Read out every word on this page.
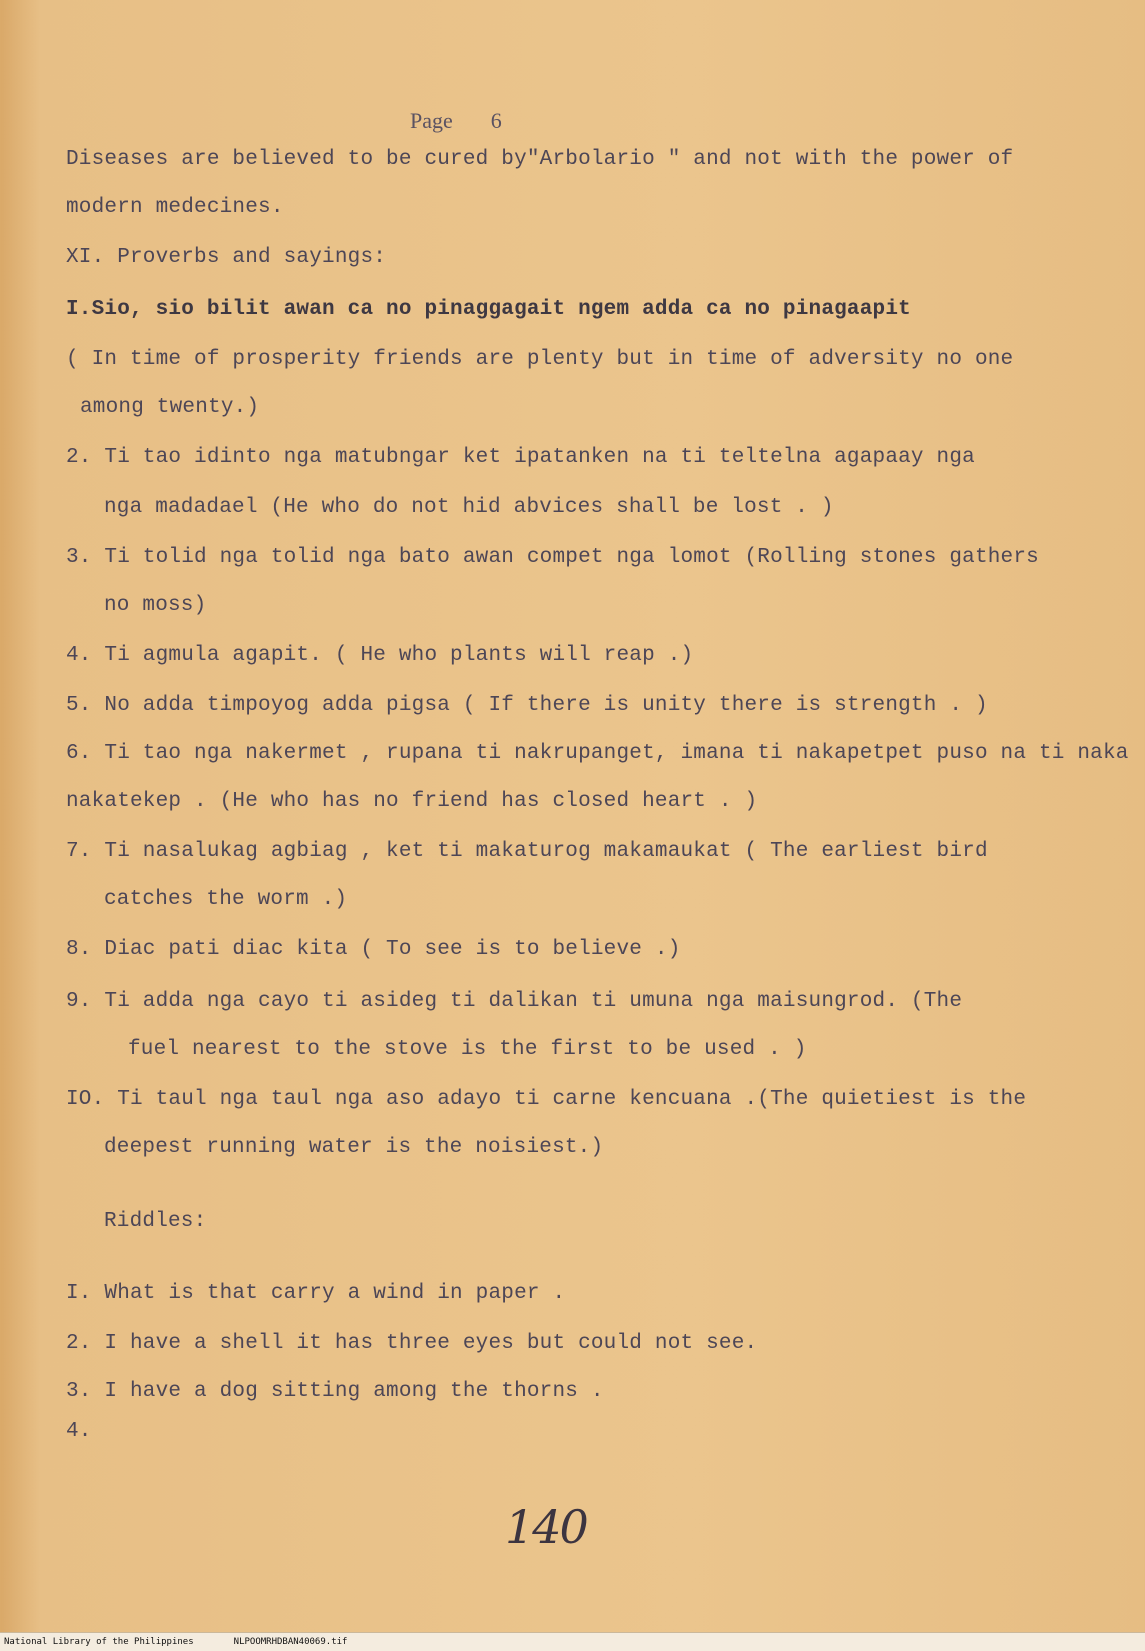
Page 6
Diseases are believed to be cured by"Arbolario " and not with the power of
modern medecines.
XI. Proverbs and sayings:
I.Sio, sio bilit awan ca no pinaggagait ngem adda ca no pinagaapit
( In time of prosperity friends are plenty but in time of adversity no one
among twenty.)
2. Ti tao idinto nga matubngar ket ipatanken na ti teltelna agapaay nga
nga madadael (He who do not hid abvices shall be lost . )
3. Ti tolid nga tolid nga bato awan compet nga lomot (Rolling stones gathers
no moss)
4. Ti agmula agapit. ( He who plants will reap .)
5. No adda timpoyog adda pigsa ( If there is unity there is strength . )
6. Ti tao nga nakermet , rupana ti nakrupanget, imana ti nakapetpet puso na ti naka
nakatekep . (He who has no friend has closed heart . )
7. Ti nasalukag agbiag , ket ti makaturog makamaukat ( The earliest bird
catches the worm .)
8. Diac pati diac kita ( To see is to believe .)
9. Ti adda nga cayo ti asideg ti dalikan ti umuna nga maisungrod. (The
fuel nearest to the stove is the first to be used . )
IO. Ti taul nga taul nga aso adayo ti carne kencuana .(The quietiest is the
deepest running water is the noisiest.)
Riddles:
I. What is that carry a wind in paper .
2. I have a shell it has three eyes but could not see.
3. I have a dog sitting among the thorns .
4.
140
National Library of the Philippines	NLPOOMRHDBAN40069.tif
